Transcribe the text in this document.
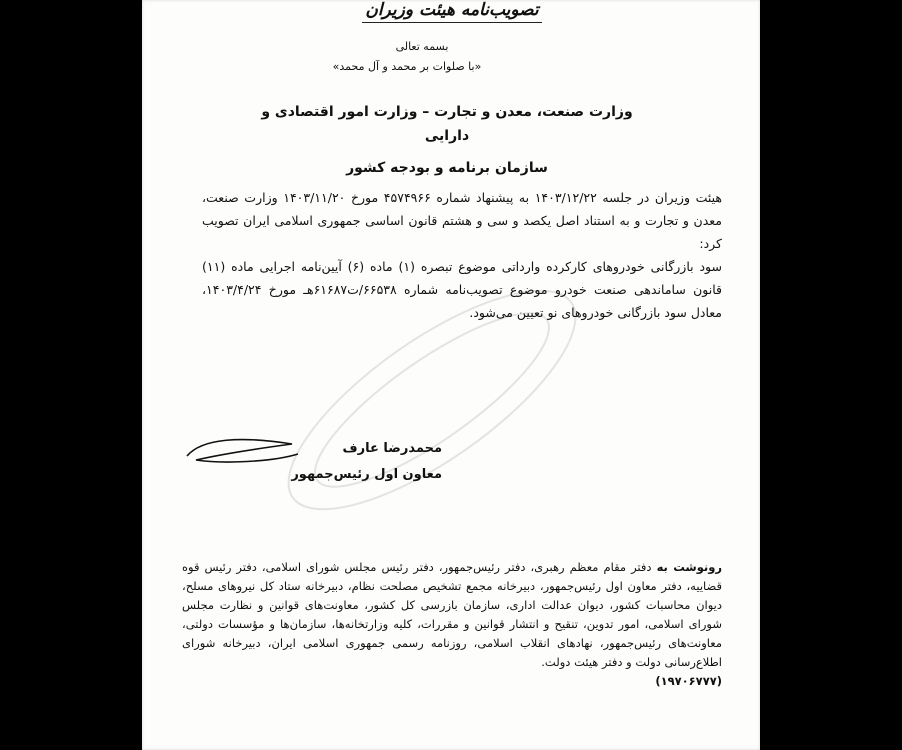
تصویب‌نامه هیئت وزیران
بسمه تعالی
«با صلوات بر محمد و آل محمد»
وزارت صنعت، معدن و تجارت – وزارت امور اقتصادی و دارایی
سازمان برنامه و بودجه کشور

هیئت وزیران در جلسه ۱۴۰۳/۱۲/۲۲ به پیشنهاد شماره ۴۵۷۴۹۶۶ مورخ ۱۴۰۳/۱۱/۲۰ وزارت صنعت، معدن و تجارت و به استناد اصل یکصد و سی و هشتم قانون اساسی جمهوری اسلامی ایران تصویب کرد:

سود بازرگانی خودروهای کارکرده وارداتی موضوع تبصره (۱) ماده (۶) آیین‌نامه اجرایی ماده (۱۱) قانون ساماندهی صنعت خودرو موضوع تصویب‌نامه شماره ۶۶۵۳۸/ت۶۱۶۸۷هـ مورخ ۱۴۰۳/۴/۲۴، معادل سود بازرگانی خودروهای نو تعیین می‌شود.

محمدرضا عارف
معاون اول رئیس‌جمهور
رونوشت به دفتر مقام معظم رهبری، دفتر رئیس‌جمهور، دفتر رئیس مجلس شورای اسلامی، دفتر رئیس قوه قضاییه، دفتر معاون اول رئیس‌جمهور، دبیرخانه مجمع تشخیص مصلحت نظام، دبیرخانه ستاد کل نیروهای مسلح، دیوان محاسبات کشور، دیوان عدالت اداری، سازمان بازرسی کل کشور، معاونت‌های قوانین و نظارت مجلس شورای اسلامی، امور تدوین، تنقیح و انتشار قوانین و مقررات، کلیه وزارتخانه‌ها، سازمان‌ها و مؤسسات دولتی، معاونت‌های رئیس‌جمهور، نهادهای انقلاب اسلامی، روزنامه رسمی جمهوری اسلامی ایران، دبیرخانه شورای اطلاع‌رسانی دولت و دفتر هیئت دولت.
(۱۹۷۰۶۷۷۷)
